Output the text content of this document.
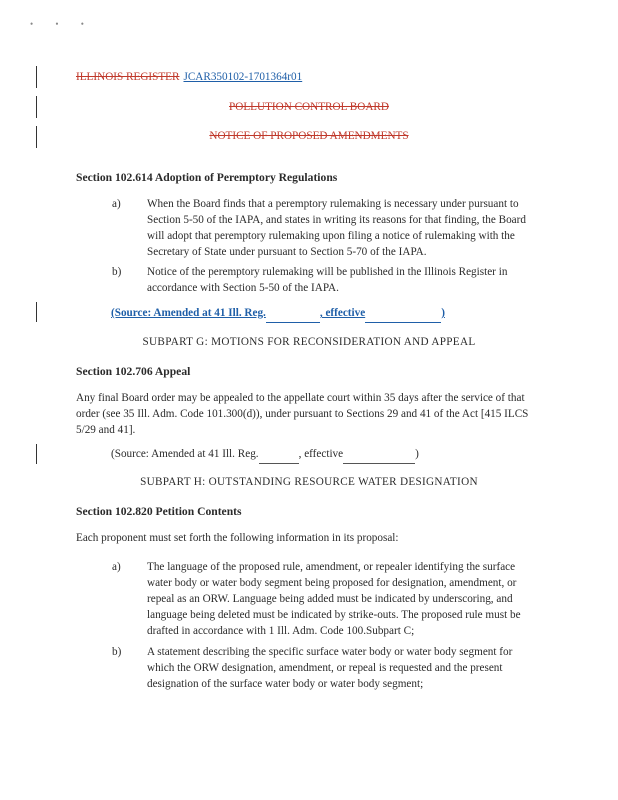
• • •
ILLINOIS REGISTER JCAR350102-1701364r01
POLLUTION CONTROL BOARD
NOTICE OF PROPOSED AMENDMENTS
Section 102.614 Adoption of Peremptory Regulations
a) When the Board finds that a peremptory rulemaking is necessary under pursuant to Section 5-50 of the IAPA, and states in writing its reasons for that finding, the Board will adopt that peremptory rulemaking upon filing a notice of rulemaking with the Secretary of State under pursuant to Section 5-70 of the IAPA.
b) Notice of the peremptory rulemaking will be published in the Illinois Register in accordance with Section 5-50 of the IAPA.
(Source: Amended at 41 Ill. Reg.	, effective	)
SUBPART G: MOTIONS FOR RECONSIDERATION AND APPEAL
Section 102.706 Appeal
Any final Board order may be appealed to the appellate court within 35 days after the service of that order (see 35 Ill. Adm. Code 101.300(d)), under pursuant to Sections 29 and 41 of the Act [415 ILCS 5/29 and 41].
(Source: Amended at 41 Ill. Reg.	, effective	)
SUBPART H: OUTSTANDING RESOURCE WATER DESIGNATION
Section 102.820 Petition Contents
Each proponent must set forth the following information in its proposal:
a) The language of the proposed rule, amendment, or repealer identifying the surface water body or water body segment being proposed for designation, amendment, or repeal as an ORW. Language being added must be indicated by underscoring, and language being deleted must be indicated by strike-outs. The proposed rule must be drafted in accordance with 1 Ill. Adm. Code 100.Subpart C;
b) A statement describing the specific surface water body or water body segment for which the ORW designation, amendment, or repeal is requested and the present designation of the surface water body or water body segment;
